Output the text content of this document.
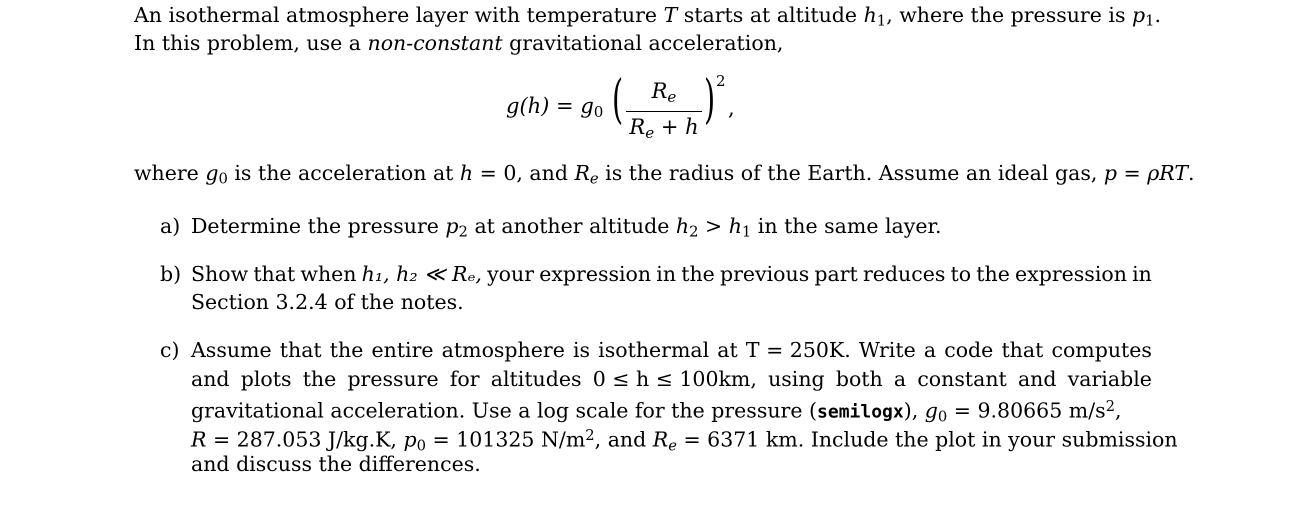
An isothermal atmosphere layer with temperature T starts at altitude h1, where the pressure is p1.
In this problem, use a non-constant gravitational acceleration,
g(h) = g0 (	Re
Re + h ) 2
,
where g0 is the acceleration at h = 0, and Re is the radius of the Earth. Assume an ideal gas, p = ρRT.
a) Determine the pressure p2 at another altitude h2 > h1 in the same layer.
b) Show that when h₁, h₂ ≪ Rₑ, your expression in the previous part reduces to the expression in
Section 3.2.4 of the notes.
c) Assume that the entire atmosphere is isothermal at T = 250K. Write a code that computes
and plots the pressure for altitudes 0 ≤ h ≤ 100km, using both a constant and variable
gravitational acceleration. Use a log scale for the pressure (semilogx), g0 = 9.80665 $m/s^2$,
R = 287.053 J/kg.K, p0 = 101325 $N/m^2$, and Re = 6371 km. Include the plot in your submission
and discuss the differences.
